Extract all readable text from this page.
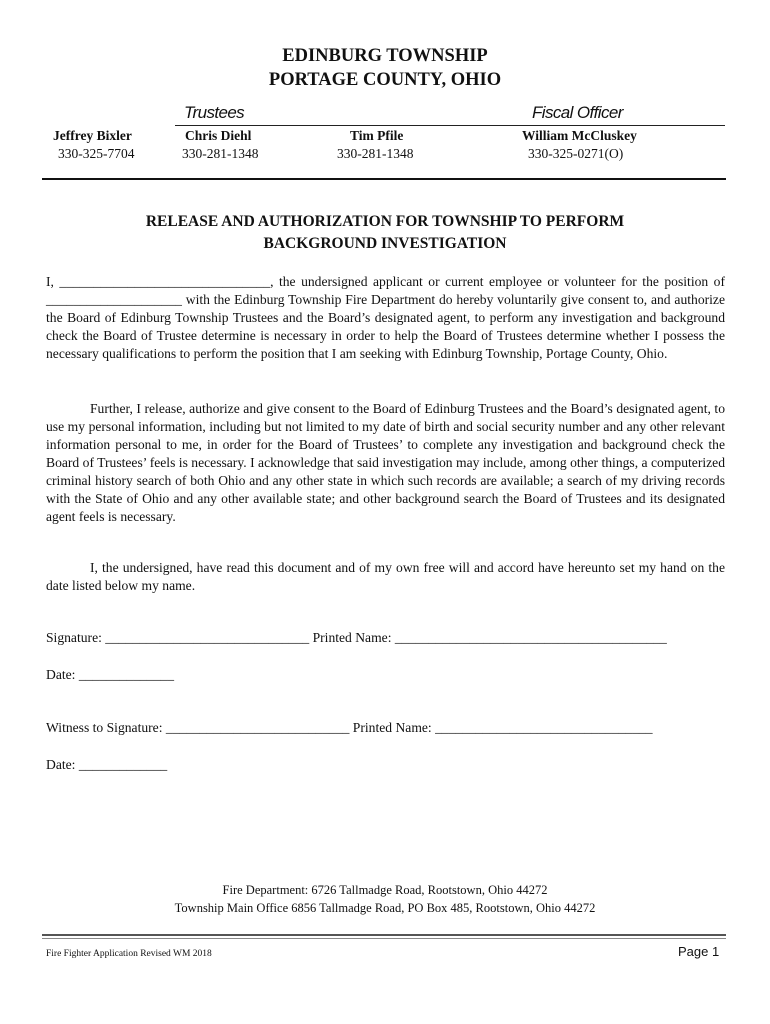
EDINBURG TOWNSHIP
PORTAGE COUNTY, OHIO
Trustees	Fiscal Officer
Jeffrey Bixler
330-325-7704
Chris Diehl
330-281-1348
Tim Pfile
330-281-1348
William McCluskey
330-325-0271(O)
RELEASE AND AUTHORIZATION FOR TOWNSHIP TO PERFORM
BACKGROUND INVESTIGATION
I, _______________________________, the undersigned applicant or current employee or volunteer for the position of ____________________ with the Edinburg Township Fire Department do hereby voluntarily give consent to, and authorize the Board of Edinburg Township Trustees and the Board’s designated agent, to perform any investigation and background check the Board of Trustee determine is necessary in order to help the Board of Trustees determine whether I possess the necessary qualifications to perform the position that I am seeking with Edinburg Township, Portage County, Ohio.
Further, I release, authorize and give consent to the Board of Edinburg Trustees and the Board’s designated agent, to use my personal information, including but not limited to my date of birth and social security number and any other relevant information personal to me, in order for the Board of Trustees’ to complete any investigation and background check the Board of Trustees’ feels is necessary. I acknowledge that said investigation may include, among other things, a computerized criminal history search of both Ohio and any other state in which such records are available; a search of my driving records with the State of Ohio and any other available state; and other background search the Board of Trustees and its designated agent feels is necessary.
I, the undersigned, have read this document and of my own free will and accord have hereunto set my hand on the date listed below my name.
Signature: ______________________________ Printed Name: ________________________________________
Date: ______________
Witness to Signature: ___________________________ Printed Name: ________________________________
Date: _____________
Fire Department: 6726 Tallmadge Road, Rootstown, Ohio 44272
Township Main Office 6856 Tallmadge Road, PO Box 485, Rootstown, Ohio 44272
Fire Fighter Application Revised WM 2018	Page 1
